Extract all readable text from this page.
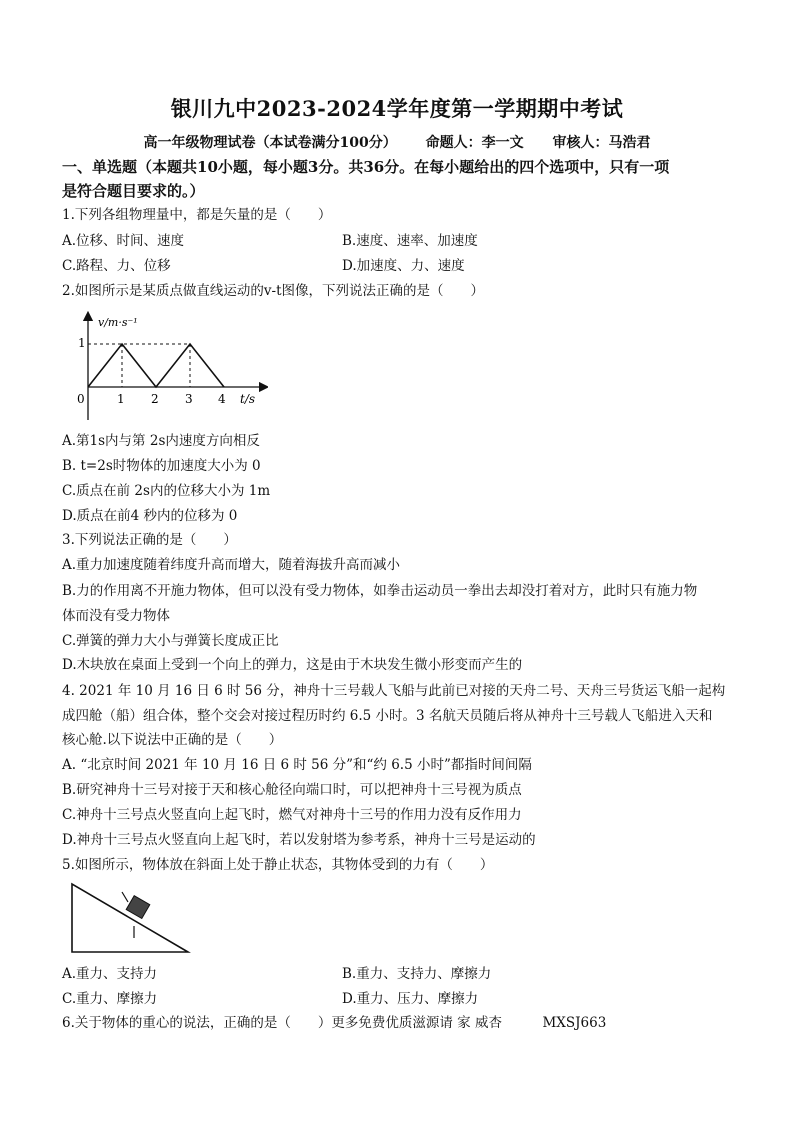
银川九中2023-2024学年度第一学期期中考试
高一年级物理试卷（本试卷满分100分） 命题人：李一文 审核人：马浩君
一、单选题（本题共10小题，每小题3分。共36分。在每小题给出的四个选项中，只有一项
是符合题目要求的。）
1.下列各组物理量中，都是矢量的是（　　）
A.位移、时间、速度	B.速度、速率、加速度
C.路程、力、位移	D.加速度、力、速度
2.如图所示是某质点做直线运动的v-t图像，下列说法正确的是（　　）
v/m·s⁻¹
1
0	1 2 3 4 t/s
A.第1s内与第 2s内速度方向相反
B. t=2s时物体的加速度大小为 0
C.质点在前 2s内的位移大小为 1m
D.质点在前4 秒内的位移为 0
3.下列说法正确的是（　　）
A.重力加速度随着纬度升高而增大，随着海拔升高而减小
B.力的作用离不开施力物体，但可以没有受力物体，如拳击运动员一拳出去却没打着对方，此时只有施力物
体而没有受力物体
C.弹簧的弹力大小与弹簧长度成正比
D.木块放在桌面上受到一个向上的弹力，这是由于木块发生微小形变而产生的
4. 2021 年 10 月 16 日 6 时 56 分，神舟十三号载人飞船与此前已对接的天舟二号、天舟三号货运飞船一起构
成四舱（船）组合体，整个交会对接过程历时约 6.5 小时。3 名航天员随后将从神舟十三号载人飞船进入天和
核心舱.以下说法中正确的是（　　）
A. “北京时间 2021 年 10 月 16 日 6 时 56 分”和“约 6.5 小时”都指时间间隔
B.研究神舟十三号对接于天和核心舱径向端口时，可以把神舟十三号视为质点
C.神舟十三号点火竖直向上起飞时，燃气对神舟十三号的作用力没有反作用力
D.神舟十三号点火竖直向上起飞时，若以发射塔为参考系，神舟十三号是运动的
5.如图所示，物体放在斜面上处于静止状态，其物体受到的力有（　　）
A.重力、支持力	B.重力、支持力、摩擦力
C.重力、摩擦力	D.重力、压力、摩擦力
6.关于物体的重心的说法，正确的是（　　）更多免费优质滋源请 家 威杏　　　MXSJ663
